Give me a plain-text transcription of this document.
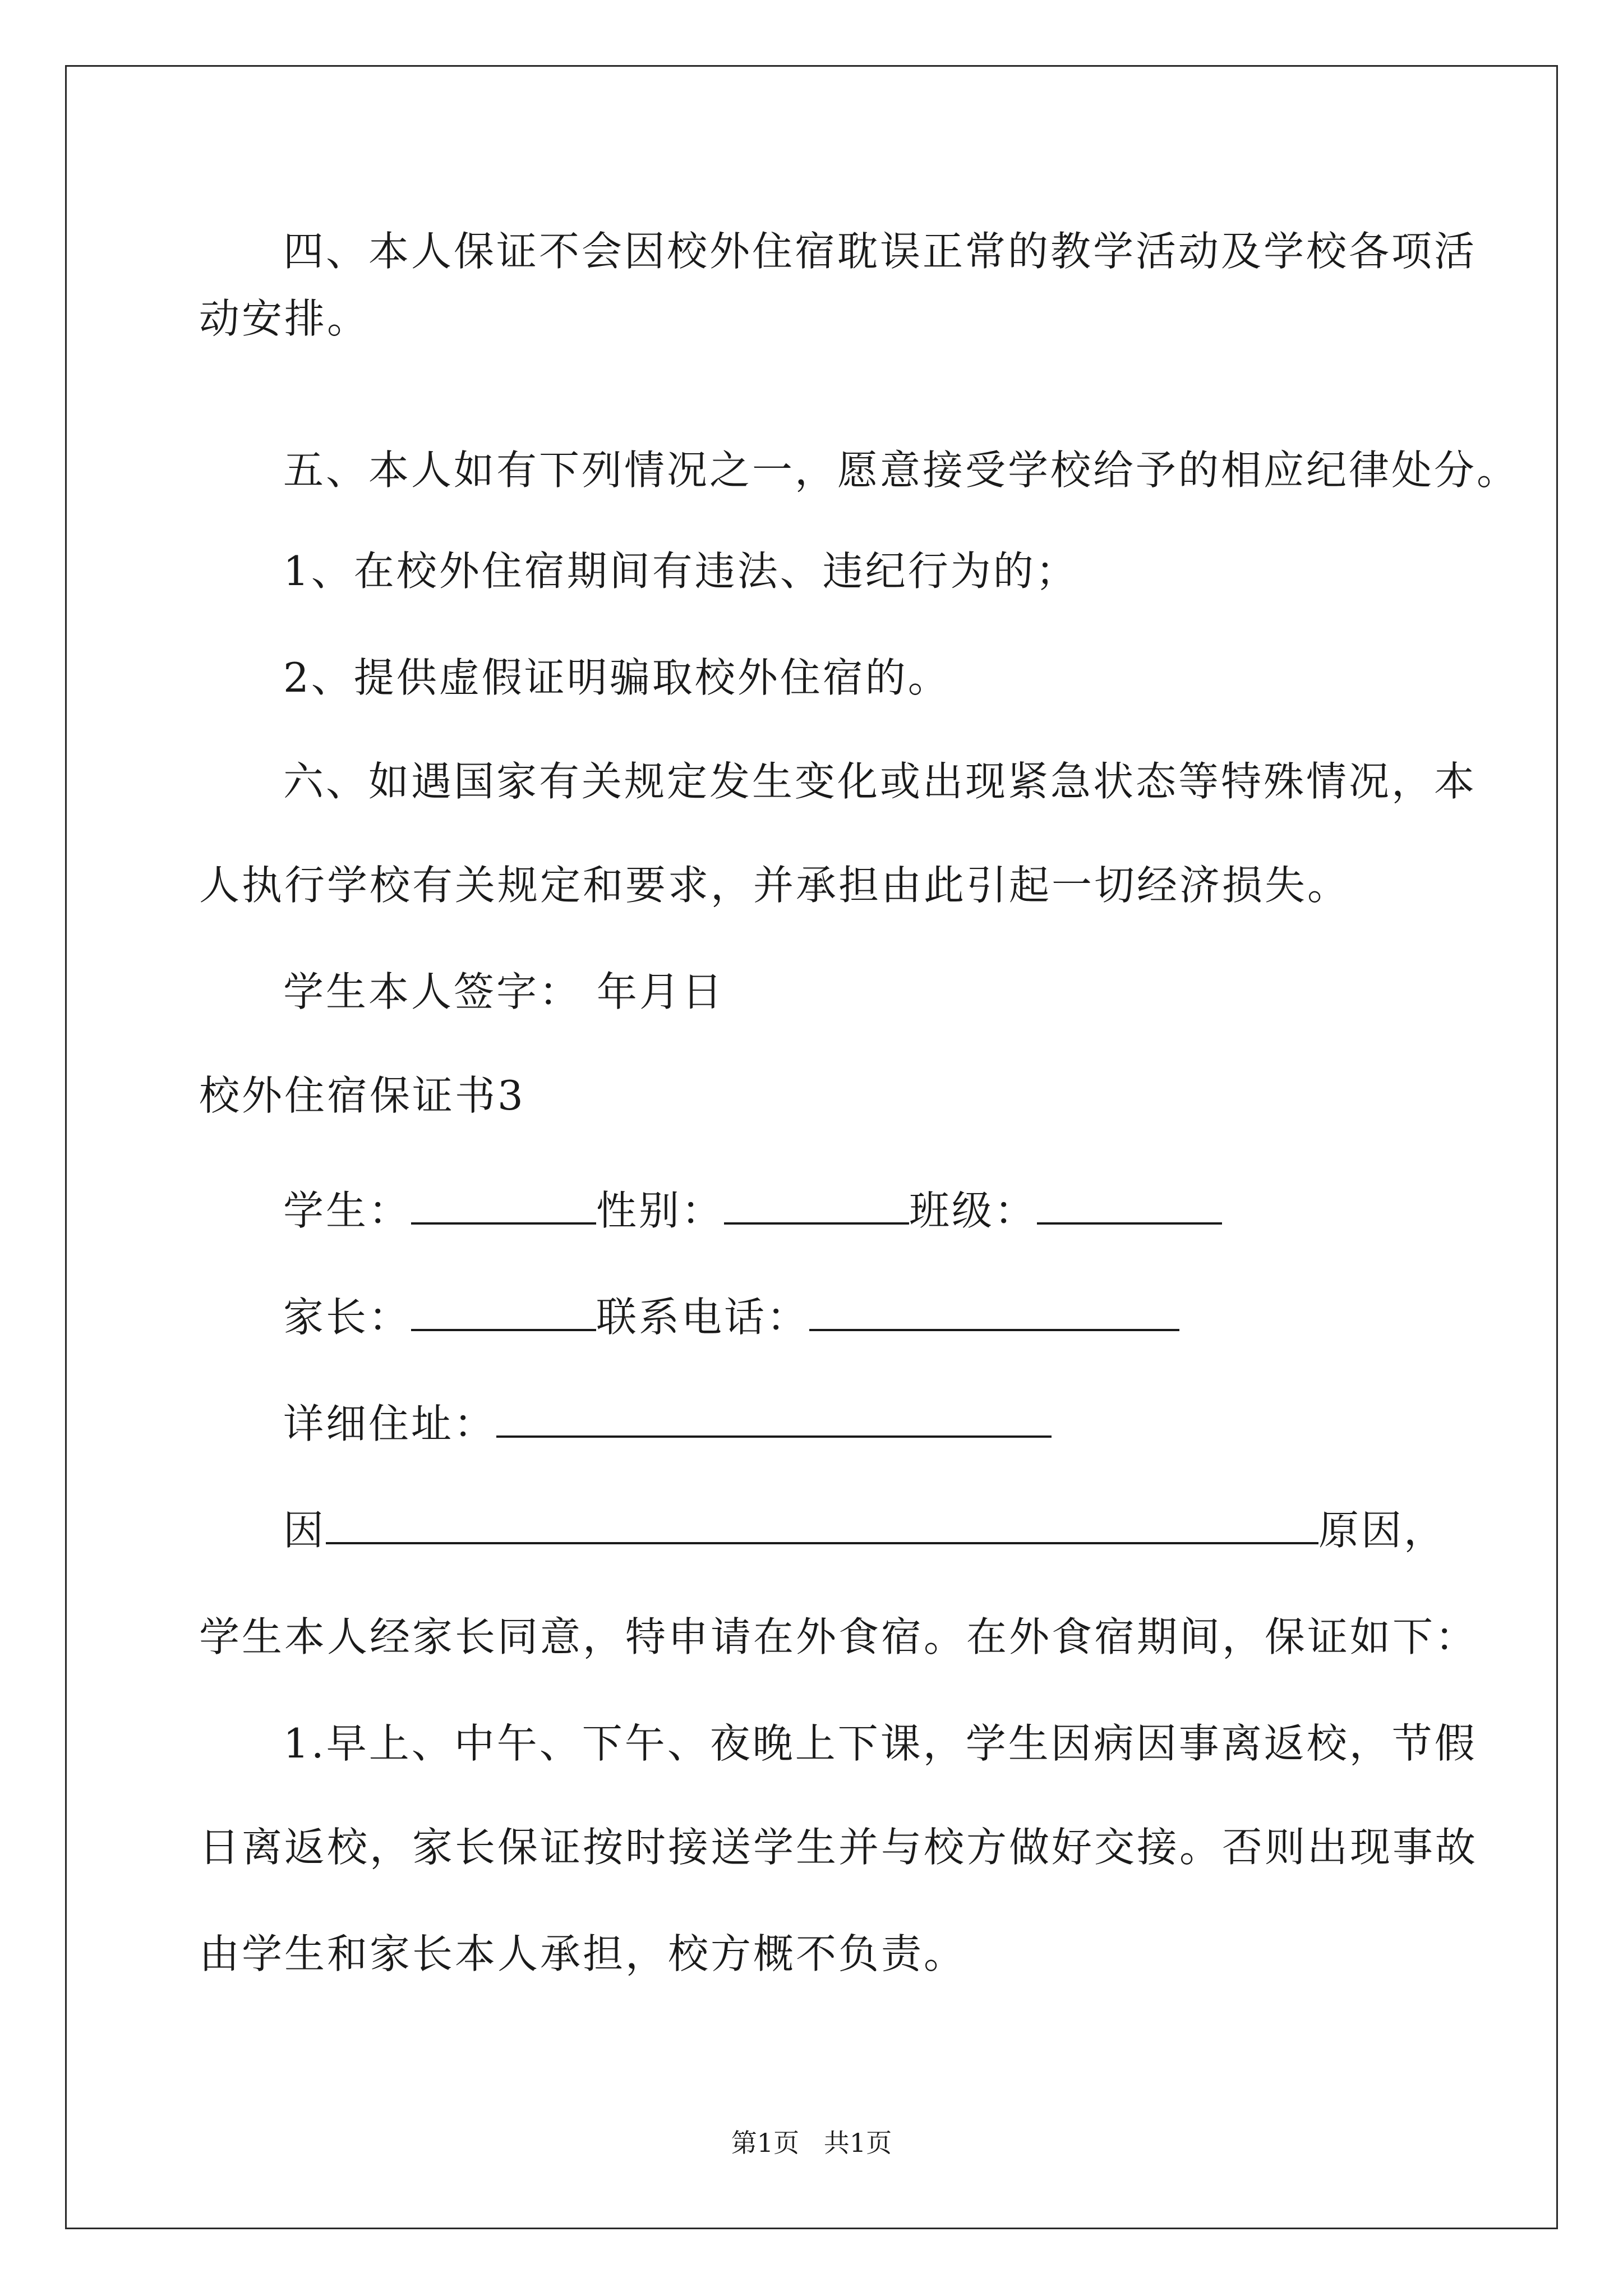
四、本人保证不会因校外住宿耽误正常的教学活动及学校各项活
动安排。
五、本人如有下列情况之一，愿意接受学校给予的相应纪律处分。
1、在校外住宿期间有违法、违纪行为的；
2、提供虚假证明骗取校外住宿的。
六、如遇国家有关规定发生变化或出现紧急状态等特殊情况，本
人执行学校有关规定和要求，并承担由此引起一切经济损失。
学生本人签字： 年月日
校外住宿保证书3
学生：	性别：	班级：
家长：	联系电话：
详细住址：
因	原因，
学生本人经家长同意，特申请在外食宿。在外食宿期间，保证如下：
1.早上、中午、下午、夜晚上下课，学生因病因事离返校，节假
日离返校，家长保证按时接送学生并与校方做好交接。否则出现事故
由学生和家长本人承担，校方概不负责。
第1页   共1页
